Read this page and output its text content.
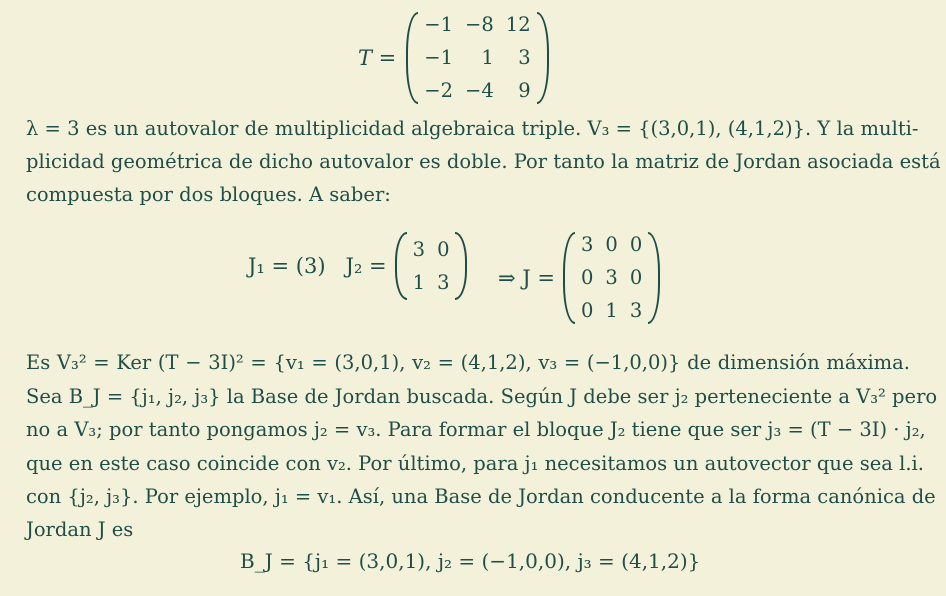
T =
−1	−8	12
−1	1	3
−2	−4	9
λ = 3 es un autovalor de multiplicidad algebraica triple. V₃ = {(3,0,1), (4,1,2)}. Y la multi-
plicidad geométrica de dicho autovalor es doble. Por tanto la matriz de Jordan asociada está
compuesta por dos bloques. A saber:
J₁ = (3) J₂ =
3	0
1	3 ⇒ J =
3	0	0
0	3	0
0	1	3
Es V₃² = Ker (T − 3I)² = {v₁ = (3,0,1), v₂ = (4,1,2), v₃ = (−1,0,0)} de dimensión máxima.
Sea B_J = {j₁, j₂, j₃} la Base de Jordan buscada. Según J debe ser j₂ perteneciente a V₃² pero
no a V₃; por tanto pongamos j₂ = v₃. Para formar el bloque J₂ tiene que ser j₃ = (T − 3I) · j₂,
que en este caso coincide con v₂. Por último, para j₁ necesitamos un autovector que sea l.i.
con {j₂, j₃}. Por ejemplo, j₁ = v₁. Así, una Base de Jordan conducente a la forma canónica de
Jordan J es
B_J = {j₁ = (3,0,1), j₂ = (−1,0,0), j₃ = (4,1,2)}
